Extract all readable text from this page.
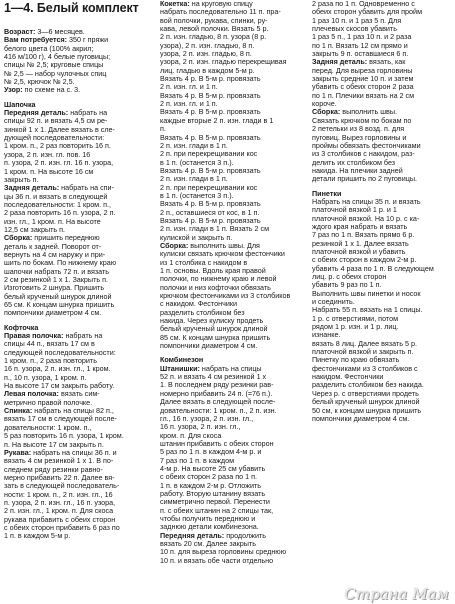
1—4. Белый комплект
Возраст: 3—6 месяцев.
Вам потребуется: 350 г пряжи
белого цвета (100% акрил;
416 м/100 г), 4 белые пуговицы;
спицы № 2,5; круговые спицы
№ 2,5 — набор чулочных спиц
№ 2,5, крючок № 2,5.
Узор: по схеме на с. 3.
Шапочка
Передняя деталь: набрать на
спицы 92 п. и вязать 4,5 см ре-
зинкой 1 х 1. Далее вязать в сле-
дующей последовательности:
1 кром. п., 2 раз повторить 16 п.
узора, 2 п. изн. гл. пов. 16
п. узора, 2 п. изн. гл. 16 п. узора,
1 кром. п. На высоте 16 см
закрыть п.
Задняя деталь: набрать на спи-
цы 36 п. и вязать в следующей
последовательности: 1 кром. п.,
2 раза повторить 16 п. узора, 2 п.
изн. гл., 1 кром. п. На высоте
12,5 см закрыть п.
Сборка: пришить переднюю
деталь к задней. Поворот от-
вернуть на 4 см наружу и при-
шить по бокам. По нижнему краю
шапочки набрать 72 п. и вязать
2 см резинкой 1 х 1. Закрыть п.
Изготовить 2 шнура. Пришить
белый крученый шнурок длиной
65 см. К концам шнурка пришить
помпончики диаметром 4 см.
Кофточка
Правая полочка: набрать на
спицы 44 п., вязать 17 см в
следующей последовательности:
1 кром. п., 2 раза повторить
16 п. узора, 2 п. изн. гл., 1 кром.
п., 10 п. узора, 1 кром. п.
На высоте 17 см закрыть работу.
Левая полочка: вязать сим-
метрично правой полочке.
Спинка: набрать на спицы 82 п.,
вязать 17 см в следующей после-
довательности: 1 кром. п.,
5 раз повторить 16 п. узора, 1 кром.
п. На высоте 17 см закрыть п.
Рукава: набрать на спицы 36 п. и
вязать 4 см резинкой 1 х 1. В по-
следнем ряду резинки равно-
мерно прибавить 22 п. Далее вя-
зать в следующей последователь-
ности: 1 кром. п., 2 п. изн. гл., 16
п. узора, 2 п. изн. гл., 16 п. узора,
2 п. изн. гл., 1 кром. п. Для скоса
рукава прибавить с обеих сторон
с обеих сторон прибавить 6 раз по
1 п. в каждом 5-м р.
Кокетка: на круговую спицу
набрать последовательно 11 п. пра-
вой полочки, рукава, спинки, ру-
кава, левой полочки. Вязать 5 р.
2 п. изн. гладью, 8 п. узора (8 р.
узора), 2 п. изн. гладью, 8 п.
узора, 2 п. изн. гладью, 8 п.
узора, 2 п. изн. гладью перекрещивая
лиц. гладью в каждом 5-м р.
Вязать 4 р. В 5-м р. провязать
2 п. изн. гл. и 1 п.
Вязать 4 р. В 5-м р. провязать
2 п. изн. гл. и 1 п.
Вязать 4 р. В 5-м р. провязать
каждые вторые 2 п. изн. глади в 1
п.
Вязать 4 р. В 5-м р. провязать
2 п. изн. глади в 1 п.
2 п. при перекрещивании кос
в 1 п. (останется 3 п.).
Вязать 4 р. В 5-м р. провязать
2 п. изн. глади в 1 п.
2 п. при перекрещивании кос
в 1 п. (останется 3 п.).
Вязать 4 р. В 5-м р. провязать
2 п., оставшиеся от кос, в 1 п.
Вязать 4 р. В 5-м р. провязать
2 п. изн. глади в 1 п. Вязать 2 см
кулиской и закрыть п.
Сборка: выполнить швы. Для
кулиски связать крючком фестончики
из 1 столбика с накидом в
1 п. основы. Вдоль края правой
полочки, по нижнему краю и левой
полочки и низ кофточки обвязать
крючком фестончиками из 3 столбиков
с накидом. Фестончики
разделить столбиком без
накида. Через кулиску продеть
белый крученый шнурок длиной
85 см. К концам шнурка пришить
помпончики диаметром 4 см.
Комбинезон
Штанишки: набрать на спицы
52 п. и вязать 4 см резинкой 1 х
1. В последнем ряду резинки рав-
номерно прибавить 24 п. (=76 п.).
Далее вязать в следующей после-
довательности: 1 кром. п., 2 п. изн.
гл., 16 п. узора, 2 п. изн. гл.,
16 п. узора, 2 п. изн. гл.,
кром. п. Для скоса
штанин прибавить с обеих сторон
5 раз по 1 п. в каждом 4-м р. и
7 раз по 1 п. в каждом
4-м р. На высоте 25 см убавить
с обеих сторон 2 раза по 1 п.
1 п. в каждом 2-м р. Отложить
работу. Вторую штанину вязать
симметрично первой. Перенести
п. с обеих штанин на 2 спицы так,
чтобы получить переднюю и
заднюю детали комбинезона.
Передняя деталь: продолжить
вязать 20 см. Далее закрыть
10 п. для выреза горловины среднюю
10 п. и вязать обе части отдельно
2 раза по 1 п. Одновременно с
обеих сторон убавить для пройм
1 раз 10 п. и 1 раз 5 п. Для
плечевых скосов убавить
1 раз 5 п., 1 раз 10 п. и 2 раза
по 1 п. Вязать 12 см прямо и
закрыть 9 п. оставшиеся 6 п.
Задняя деталь: вязать, как
перед. Для выреза горловины
закрыть средние 10 п. и затем
убавить с обеих сторон 2 раза
по 1 п. Плечики вязать на 2 см
короче.
Сборка: выполнить швы.
Связать крючком по бокам по
2 петельки из 8 возд. п. для
пуговиц. Вырез горловины и
проймы обвязать фестончиками
из 3 столбиков с накидом, раз-
делить их столбиком без
накида. На плечики задней
детали пришить по 2 пуговицы.
Пинетки
Набрать на спицы 35 п. и вязать
платочной вязкой 1 р. и 1
платочной вязкой. На 10 р. с ка-
ждого края набрать и вязать
7 раз по 1 п. Вязать прямо 6 р.
резинкой 1 х 1. Далее вязать
платочной вязкой и убавить
с обеих сторон в каждом 2-м р.
убавить 4 раза по 1 п. В следующем
лиц. р. с обеих сторон
убавить 9 раз по 1 п.
Выполнить швы пинетки и носок
и соединить.
Набрать 55 п. вязать на 1 спицы.
1 р. с отверстиями, потом
рядом 1 р. изн. и 1 р. лиц.
изнанке.
вязать 8 лиц. Далее вязать 5 р.
платочной вязкой и закрыть п.
Пинетку по краю обвязать
фестончиками из 3 столбиков с
накидом. Фестончики
разделить столбиком без накида.
Через р. с отверстиями продеть
белый крученый шнурок длиной
50 см, к концам шнурка пришить
помпончики диаметром 4 см.
Страна Мам
